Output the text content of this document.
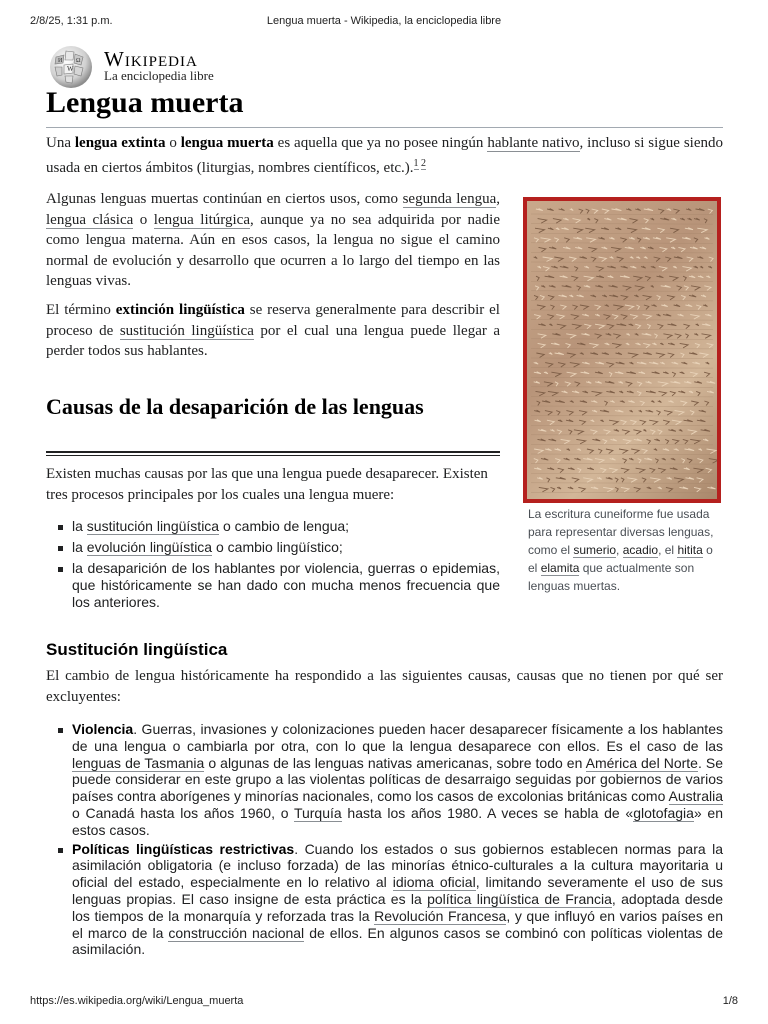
2/8/25, 1:31 p.m.	Lengua muerta - Wikipedia, la enciclopedia libre
W
Ω
И Wikipedia
La enciclopedia libre
Lengua muerta

Una lengua extinta o lengua muerta es aquella que ya no posee ningún hablante nativo, incluso si sigue siendo usada en ciertos ámbitos (liturgias, nombres científicos, etc.).$^{1 2}$

Algunas lenguas muertas continúan en ciertos usos, como segunda lengua, lengua clásica o lengua litúrgica, aunque ya no sea adquirida por nadie como lengua materna. Aún en esos casos, la lengua no sigue el camino normal de evolución y desarrollo que ocurren a lo largo del tiempo en las lenguas vivas.

El término extinción lingüística se reserva generalmente para describir el proceso de sustitución lingüística por el cual una lengua puede llegar a perder todos sus hablantes.

Causas de la desaparición de las lenguas

Existen muchas causas por las que una lengua puede desaparecer. Existen tres procesos principales por los cuales una lengua muere:

la sustitución lingüística o cambio de lengua;
la evolución lingüística o cambio lingüístico;
la desaparición de los hablantes por violencia, guerras o epidemias, que históricamente se han dado con mucha menos frecuencia que los anteriores.
La escritura cuneiforme fue usada para representar diversas lenguas, como el sumerio, acadio, el hitita o el elamita que actualmente son lenguas muertas.
Sustitución lingüística

El cambio de lengua históricamente ha respondido a las siguientes causas, causas que no tienen por qué ser excluyentes:

Violencia. Guerras, invasiones y colonizaciones pueden hacer desaparecer físicamente a los hablantes de una lengua o cambiarla por otra, con lo que la lengua desaparece con ellos. Es el caso de las lenguas de Tasmania o algunas de las lenguas nativas americanas, sobre todo en América del Norte. Se puede considerar en este grupo a las violentas políticas de desarraigo seguidas por gobiernos de varios países contra aborígenes y minorías nacionales, como los casos de excolonias británicas como Australia o Canadá hasta los años 1960, o Turquía hasta los años 1980. A veces se habla de «glotofagia» en estos casos.
Políticas lingüísticas restrictivas. Cuando los estados o sus gobiernos establecen normas para la asimilación obligatoria (e incluso forzada) de las minorías étnico-culturales a la cultura mayoritaria u oficial del estado, especialmente en lo relativo al idioma oficial, limitando severamente el uso de sus lenguas propias. El caso insigne de esta práctica es la política lingüística de Francia, adoptada desde los tiempos de la monarquía y reforzada tras la Revolución Francesa, y que influyó en varios países en el marco de la construcción nacional de ellos. En algunos casos se combinó con políticas violentas de asimilación.
https://es.wikipedia.org/wiki/Lengua_muerta	1/8
